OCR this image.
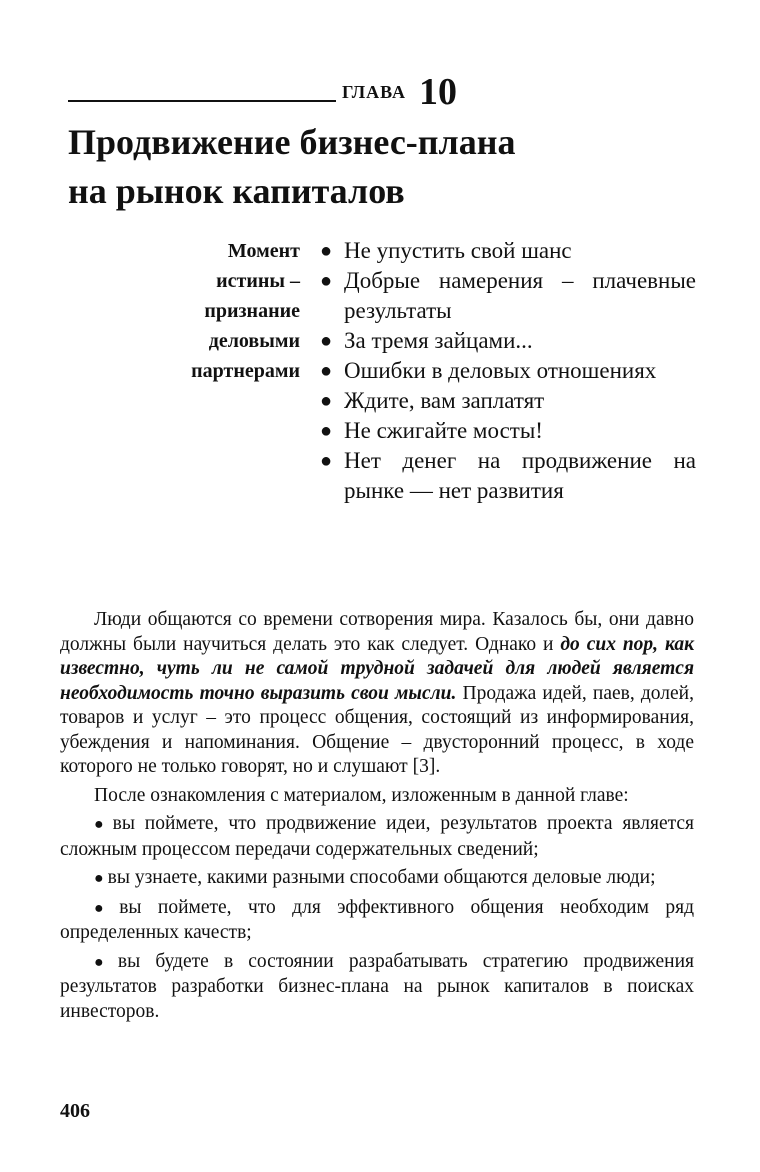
ГЛАВА 10
Продвижение бизнес-плана
на рынок капиталов
Момент
истины –
признание
деловыми
партнерами
● Не упустить свой шанс
● Добрые намерения – плачевные результаты
● За тремя зайцами...
● Ошибки в деловых отношениях
● Ждите, вам заплатят
● Не сжигайте мосты!
● Нет денег на продвижение на рынке — нет развития

Люди общаются со времени сотворения мира. Казалось бы, они давно должны были научиться делать это как следует. Однако и до сих пор, как известно, чуть ли не самой трудной задачей для людей является необходимость точно выразить свои мысли. Продажа идей, паев, долей, товаров и услуг – это процесс общения, состоящий из информирования, убеждения и напоминания. Общение – двусторонний процесс, в ходе которого не только говорят, но и слушают [3].

После ознакомления с материалом, изложенным в данной главе:

● вы поймете, что продвижение идеи, результатов проекта является сложным процессом передачи содержательных сведений;

● вы узнаете, какими разными способами общаются деловые люди;

● вы поймете, что для эффективного общения необходим ряд определенных качеств;

● вы будете в состоянии разрабатывать стратегию продвижения результатов разработки бизнес-плана на рынок капиталов в поисках инвесторов.

406
